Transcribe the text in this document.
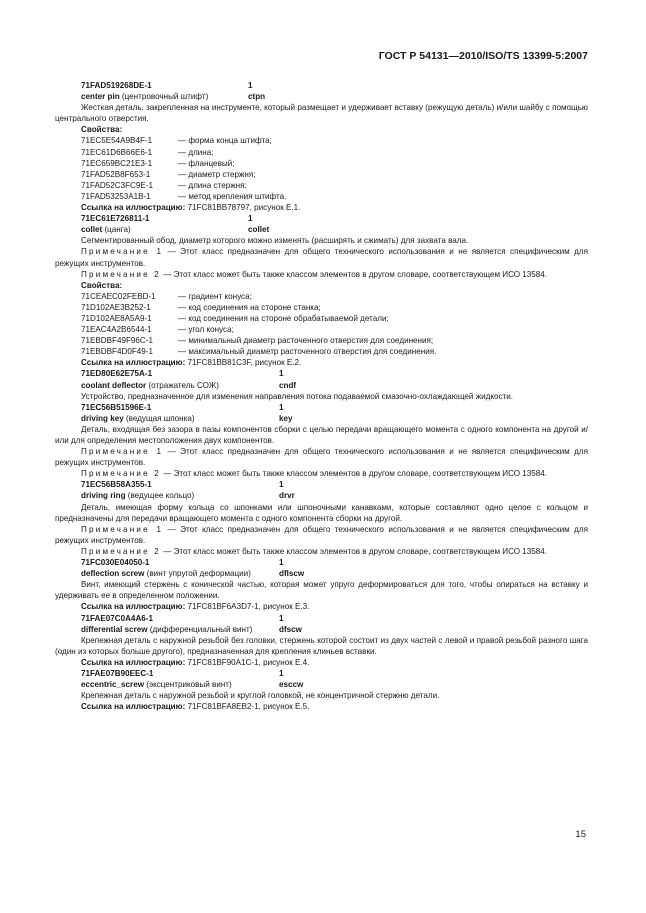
ГОСТ Р 54131—2010/ISO/TS 13399-5:2007
71FAD519268DE-1	1
center pin (центровочный штифт)	ctpn
Жесткая деталь, закрепленная на инструменте, который размещает и удерживает вставку (режущую деталь) и/или шайбу с помощью центрального отверстия.
Свойства:
71EC5E54A9B4F-1	— форма конца штифта;
71EC61D6B66E6-1	— длина;
71EC659BC21E3-1	— фланцевый;
71FAD52B8F653-1	— диаметр стержня;
71FAD52C3FC9E-1	— длина стержня;
71FAD53253A1B-1	— метод крепления штифта.
Ссылка на иллюстрацию: 71FC81BB78797, рисунок Е.1.
71EC61E726811-1	1
collet (цанга)	collet
Сегментированный обод, диаметр которого можно изменять (расширять и сжимать) для захвата вала.
Примечание 1 — Этот класс предназначен для общего технического использования и не является специфическим для режущих инструментов.
Примечание 2 — Этот класс может быть также классом элементов в другом словаре, соответствующем ИСО 13584.
Свойства:
71CEAEC02FEBD-1	— градиент конуса;
71D102AE3B252-1	— код соединения на стороне станка;
71D102AE8A5A9-1	— код соединения на стороне обрабатываемой детали;
71EAC4A2B6544-1	— угол конуса;
71EBDBF49F96C-1	— минимальный диаметр расточенного отверстия для соединения;
71EBDBF4D0F49-1	— максимальный диаметр расточенного отверстия для соединения.
Ссылка на иллюстрацию: 71FC81BB81C3F, рисунок Е.2.
71ED80E62E75A-1	1
coolant deflector (отражатель СОЖ)	cndf
Устройство, предназначенное для изменения направления потока подаваемой смазочно-охлаждающей жидкости.
71EC56B51596E-1	1
driving key (ведущая шпонка)	key
Деталь, входящая без зазора в пазы компонентов сборки с целью передачи вращающего момента с одного компонента на другой и/или для определения местоположения двух компонентов.
Примечание 1 — Этот класс предназначен для общего технического использования и не является специфическим для режущих инструментов.
Примечание 2 — Этот класс может быть также классом элементов в другом словаре, соответствующем ИСО 13584.
71EC56B58A355-1	1
driving ring (ведущее кольцо)	drvr
Деталь, имеющая форму кольца со шпонками или шпоночными канавками, которые составляют одно целое с кольцом и предназначены для передачи вращающего момента с одного компонента сборки на другой.
Примечание 1 — Этот класс предназначен для общего технического использования и не является специфическим для режущих инструментов.
Примечание 2 — Этот класс может быть также классом элементов в другом словаре, соответствующем ИСО 13584.
71FC030E04050-1	1
deflection screw (винт упругой деформации)	dflscw
Винт, имеющий стержень с конической частью, которая может упруго деформироваться для того, чтобы опираться на вставку и удерживать ее в определенном положении.
Ссылка на иллюстрацию: 71FC81BF6A3D7-1, рисунок Е.3.
71FAE07C0A4A6-1	1
differential screw (дифференциальный винт)	dfscw
Крепежная деталь с наружной резьбой без головки, стержень которой состоит из двух частей с левой и правой резьбой разного шага (один из которых больше другого), предназначенная для крепления клиньев вставки.
Ссылка на иллюстрацию: 71FC81BF90A1C-1, рисунок Е.4.
71FAE07B90EEC-1	1
eccentric_screw (эксцентриковый винт)	esccw
Крепежная деталь с наружной резьбой и круглой головкой, не концентричной стержню детали.
Ссылка на иллюстрацию: 71FC81BFA8EB2-1, рисунок Е.5.
15
